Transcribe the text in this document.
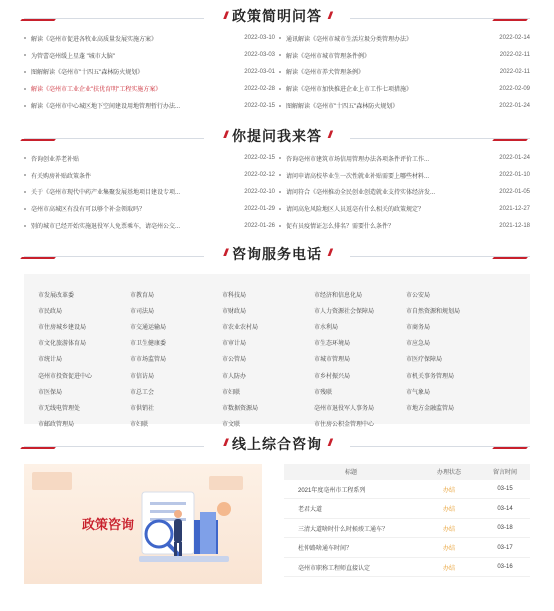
/// 政策简明问答 ///
解读《亳州市促进各牧业高质量发展实施方案》	2022-03-10
为管蕾亳州缓上星蓬 "城市大脑"	2022-03-03
图解解读《亳州市"十四五"森林防火规划》	2022-03-01
解读《亳州市工业企业"扶优育明"工程实施方案》	2022-02-28
解读《亳州市中心城区地下空间建设用地管理暂行办法...	2022-02-15
通讯解读《亳州市城市生活垃圾分类管理办法》	2022-02-14
解读《亳州市城市管理条件例》	2022-02-11
解读《亳州市养犬管理条例》	2022-02-11
解读《亳州市加快推进企业上市工作七项措施》	2022-02-09
图解解读《亳州市"十四五"森林防火规划》	2022-01-24
/// 你提问我来答 ///
咨询创业养老补贴	2022-02-15
有关购房补贴政策条件	2022-02-12
关于《亳州市现代中药产业集聚发展基地项目建设专项...	2022-02-10
亳州市高城区有没有可以够个补金领取吗？	2022-01-29
别的城市已经开始实施退役军人免票乘车，请亳州公交...	2022-01-26
咨询亳州市建筑市场信用管理办法各项条件评价工作...	2022-01-24
请问申请高校毕业生一次性就业补贴需要上哪些材料...	2022-01-10
请问符合《亳州推动全民创业创造就业支持实体经济发...	2022-01-05
请问高危风险地区人员返亳有什么相关的政策规定？	2021-12-27
促有员疫情证怎么排名？需要什么条件？	2021-12-18
/// 咨询服务电话 ///
市发展改革委	市教育局	市科技局	市经济和信息化局	市公安局
市民政局	市司法局	市财政局	市人力资源社会保障局	市自然资源和规划局
市住房城乡建设局	市交通运输局	市农业农村局	市水利局	市商务局
市文化旅游体育局	市卫生健康委	市审计局	市生态环境局	市应急局
市统计局	市市场监管局	市公管局	市城市管理局	市医疗保障局
亳州市投资促进中心	市信访局	市人防办	市乡村振兴局	市机关事务管理局
市医保局	市总工会	市妇联	市残联	市气象局
市无线电管理处	市供销社	市数据资源局	亳州市退役军人事务局	市地方金融监管局
市邮政管理局	市妇联	市文联	市住房公积金管理中心
/// 线上综合咨询 ///
政策咨询
标题	办理状态	留言时间
2021年度亳州市工程系列	办结	03-15
老君大道	办结	03-14
三清大道啥时什么时候竣工通车？	办结	03-18
杜仲路啥通车时间？	办结	03-17
亳州市职称工程师直接认定	办结	03-16
